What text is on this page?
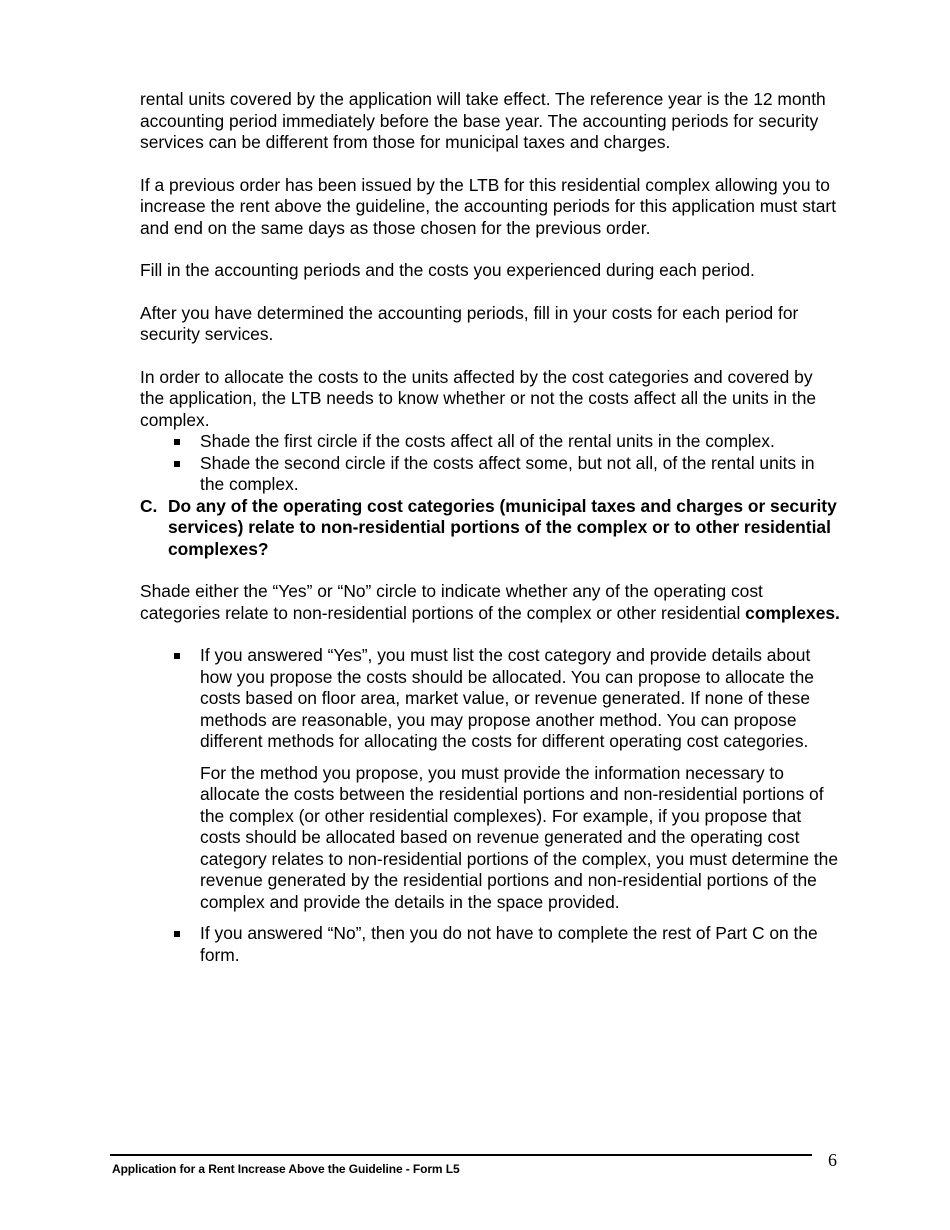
rental units covered by the application will take effect. The reference year is the 12 month accounting period immediately before the base year. The accounting periods for security services can be different from those for municipal taxes and charges.

If a previous order has been issued by the LTB for this residential complex allowing you to increase the rent above the guideline, the accounting periods for this application must start and end on the same days as those chosen for the previous order.

Fill in the accounting periods and the costs you experienced during each period.

After you have determined the accounting periods, fill in your costs for each period for security services.

In order to allocate the costs to the units affected by the cost categories and covered by the application, the LTB needs to know whether or not the costs affect all the units in the complex.

Shade the first circle if the costs affect all of the rental units in the complex.
Shade the second circle if the costs affect some, but not all, of the rental units in the complex.

C. Do any of the operating cost categories (municipal taxes and charges or security services) relate to non-residential portions of the complex or to other residential complexes?

Shade either the “Yes” or “No” circle to indicate whether any of the operating cost categories relate to non-residential portions of the complex or other residential complexes.

If you answered “Yes”, you must list the cost category and provide details about how you propose the costs should be allocated. You can propose to allocate the costs based on floor area, market value, or revenue generated. If none of these methods are reasonable, you may propose another method. You can propose different methods for allocating the costs for different operating cost categories.

For the method you propose, you must provide the information necessary to allocate the costs between the residential portions and non-residential portions of the complex (or other residential complexes). For example, if you propose that costs should be allocated based on revenue generated and the operating cost category relates to non-residential portions of the complex, you must determine the revenue generated by the residential portions and non-residential portions of the complex and provide the details in the space provided.

If you answered “No”, then you do not have to complete the rest of Part C on the form.
Application for a Rent Increase Above the Guideline - Form L5	6
